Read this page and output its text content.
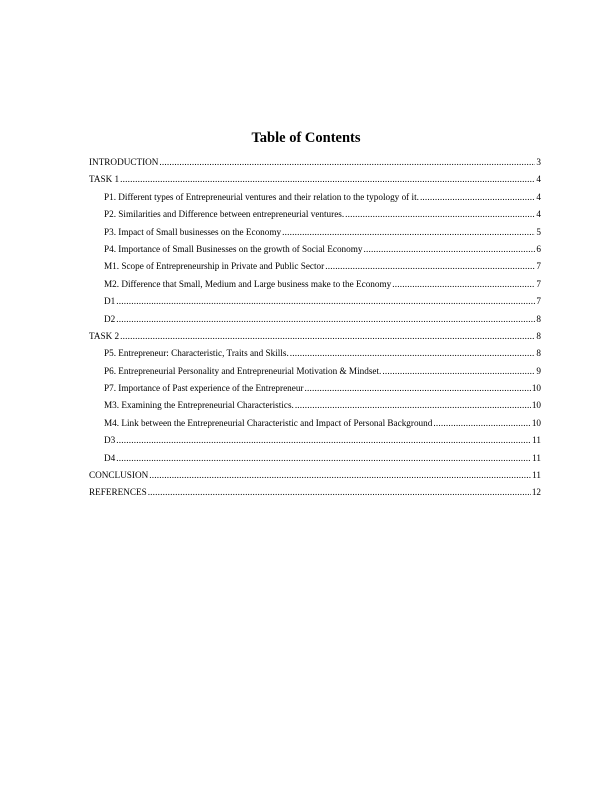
Table of Contents
INTRODUCTION .....	3
TASK 1 .....	4
P1. Different types of Entrepreneurial ventures and their relation to the typology of it. .....	4
P2. Similarities and Difference between entrepreneurial ventures. .....	4
P3. Impact of Small businesses on the Economy .....	5
P4. Importance of Small Businesses on the growth of Social Economy .....	6
M1. Scope of Entrepreneurship in Private and Public Sector .....	7
M2. Difference that Small, Medium and Large business make to the Economy .....	7
D1 .....	7
D2 .....	8
TASK 2 .....	8
P5. Entrepreneur: Characteristic, Traits and Skills. .....	8
P6. Entrepreneurial Personality and Entrepreneurial Motivation & Mindset. .....	9
P7. Importance of Past experience of the Entrepreneur .....	10
M3. Examining the Entrepreneurial Characteristics. .....	10
M4. Link between the Entrepreneurial Characteristic and Impact of Personal Background .....	10
D3 .....	11
D4 .....	11
CONCLUSION .....	11
REFERENCES .....	12
